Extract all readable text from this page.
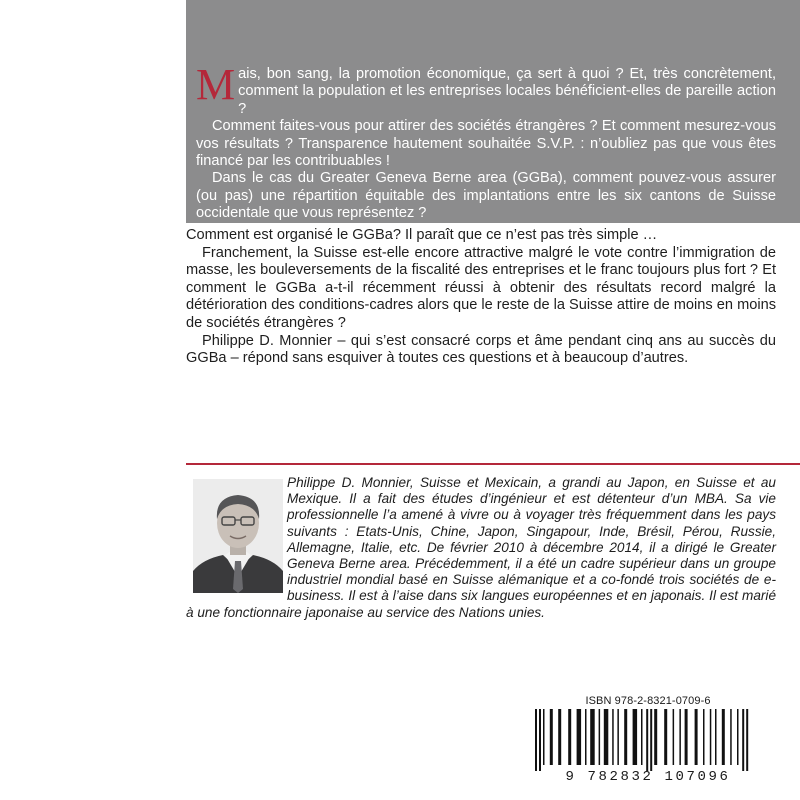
Mais, bon sang, la promotion économique, ça sert à quoi ? Et, très concrètement, comment la population et les entreprises locales bénéficient-elles de pareille action ?

Comment faites-vous pour attirer des sociétés étrangères ? Et comment mesurez-vous vos résultats ? Transparence hautement souhaitée S.V.P. : n’oubliez pas que vous êtes financé par les contribuables !

Dans le cas du Greater Geneva Berne area (GGBa), comment pouvez-vous assurer (ou pas) une répartition équitable des implantations entre les six cantons de Suisse occidentale que vous représentez ?

Comment est organisé le GGBa? Il paraît que ce n’est pas très simple …

Franchement, la Suisse est-elle encore attractive malgré le vote contre l’immigration de masse, les bouleversements de la fiscalité des entreprises et le franc toujours plus fort ? Et comment le GGBa a-t-il récemment réussi à obtenir des résultats record malgré la détérioration des conditions-cadres alors que le reste de la Suisse attire de moins en moins de sociétés étrangères ?

Philippe D. Monnier – qui s’est consacré corps et âme pendant cinq ans au succès du GGBa – répond sans esquiver à toutes ces questions et à beaucoup d’autres.

Philippe D. Monnier, Suisse et Mexicain, a grandi au Japon, en Suisse et au Mexique. Il a fait des études d’ingénieur et est détenteur d’un MBA. Sa vie professionnelle l’a amené à vivre ou à voyager très fréquemment dans les pays suivants : Etats-Unis, Chine, Japon, Singapour, Inde, Brésil, Pérou, Russie, Allemagne, Italie, etc. De février 2010 à décembre 2014, il a dirigé le Greater Geneva Berne area. Précédemment, il a été un cadre supérieur dans un groupe industriel mondial basé en Suisse alémanique et a co-fondé trois sociétés de e-business. Il est à l’aise dans six langues européennes et en japonais. Il est marié à une fonctionnaire japonaise au service des Nations unies.

ISBN 978-2-8321-0709-6
9 782832 107096
